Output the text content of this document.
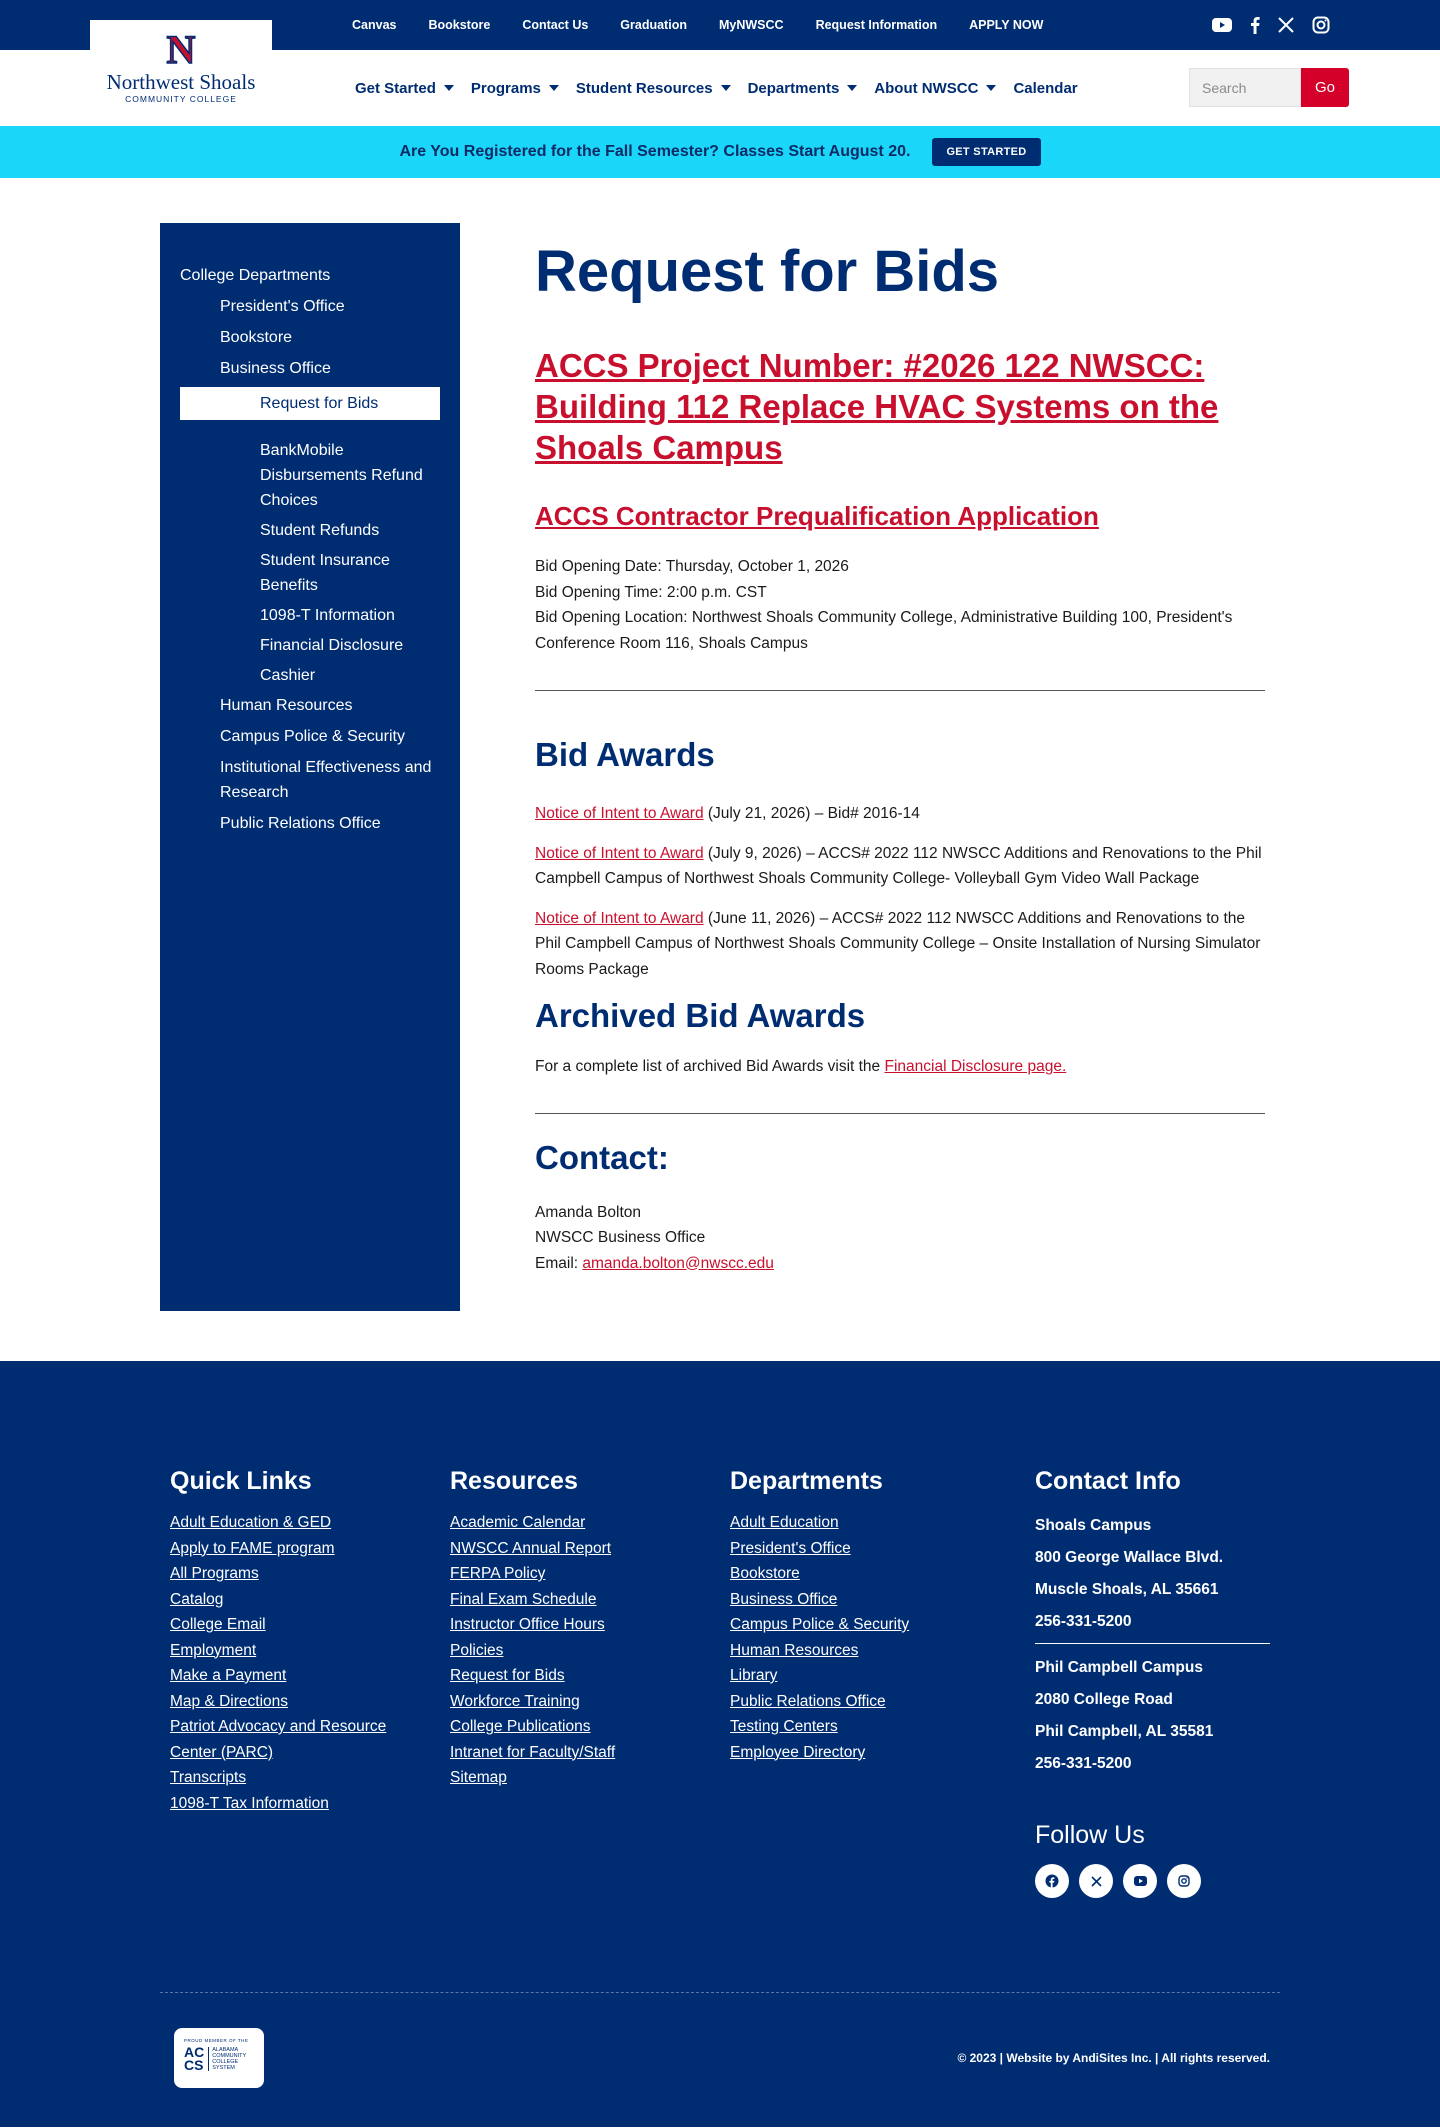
Canvas	Bookstore	Contact Us	Graduation	MyNWSCC	Request Information	APPLY NOW
N
Northwest Shoals
COMMUNITY COLLEGE
Get Started Programs Student Resources Departments About NWSCC Calendar
Search	Go
Are You Registered for the Fall Semester? Classes Start August 20.	GET STARTED
College Departments
President's Office
Bookstore
Business Office
Request for Bids
BankMobile Disbursements Refund Choices
Student Refunds
Student Insurance Benefits
1098-T Information
Financial Disclosure
Cashier
Human Resources
Campus Police & Security
Institutional Effectiveness and Research
Public Relations Office
Request for Bids
ACCS Project Number: #2026 122 NWSCC: Building 112 Replace HVAC Systems on the Shoals Campus
ACCS Contractor Prequalification Application
Bid Opening Date: Thursday, October 1, 2026
Bid Opening Time: 2:00 p.m. CST
Bid Opening Location: Northwest Shoals Community College, Administrative Building 100, President's Conference Room 116, Shoals Campus
Bid Awards
Notice of Intent to Award (July 21, 2026) – Bid# 2016-14
Notice of Intent to Award (July 9, 2026) – ACCS# 2022 112 NWSCC Additions and Renovations to the Phil Campbell Campus of Northwest Shoals Community College- Volleyball Gym Video Wall Package
Notice of Intent to Award (June 11, 2026) – ACCS# 2022 112 NWSCC Additions and Renovations to the Phil Campbell Campus of Northwest Shoals Community College – Onsite Installation of Nursing Simulator Rooms Package
Archived Bid Awards
For a complete list of archived Bid Awards visit the Financial Disclosure page.
Contact:
Amanda Bolton
NWSCC Business Office
Email: amanda.bolton@nwscc.edu
Quick Links
Adult Education & GED
Apply to FAME program
All Programs
Catalog
College Email
Employment
Make a Payment
Map & Directions
Patriot Advocacy and Resource Center (PARC)
Transcripts
1098-T Tax Information
Resources
Academic Calendar
NWSCC Annual Report
FERPA Policy
Final Exam Schedule
Instructor Office Hours
Policies
Request for Bids
Workforce Training
College Publications
Intranet for Faculty/Staff
Sitemap
Departments
Adult Education
President's Office
Bookstore
Business Office
Campus Police & Security
Human Resources
Library
Public Relations Office
Testing Centers
Employee Directory
Contact Info
Shoals Campus
800 George Wallace Blvd.
Muscle Shoals, AL 35661
256-331-5200
Phil Campbell Campus
2080 College Road
Phil Campbell, AL 35581
256-331-5200
Follow Us
PROUD MEMBER OF THE
AC
CS
ALABAMA COMMUNITY COLLEGE SYSTEM
© 2023 | Website by AndiSites Inc. | All rights reserved.
